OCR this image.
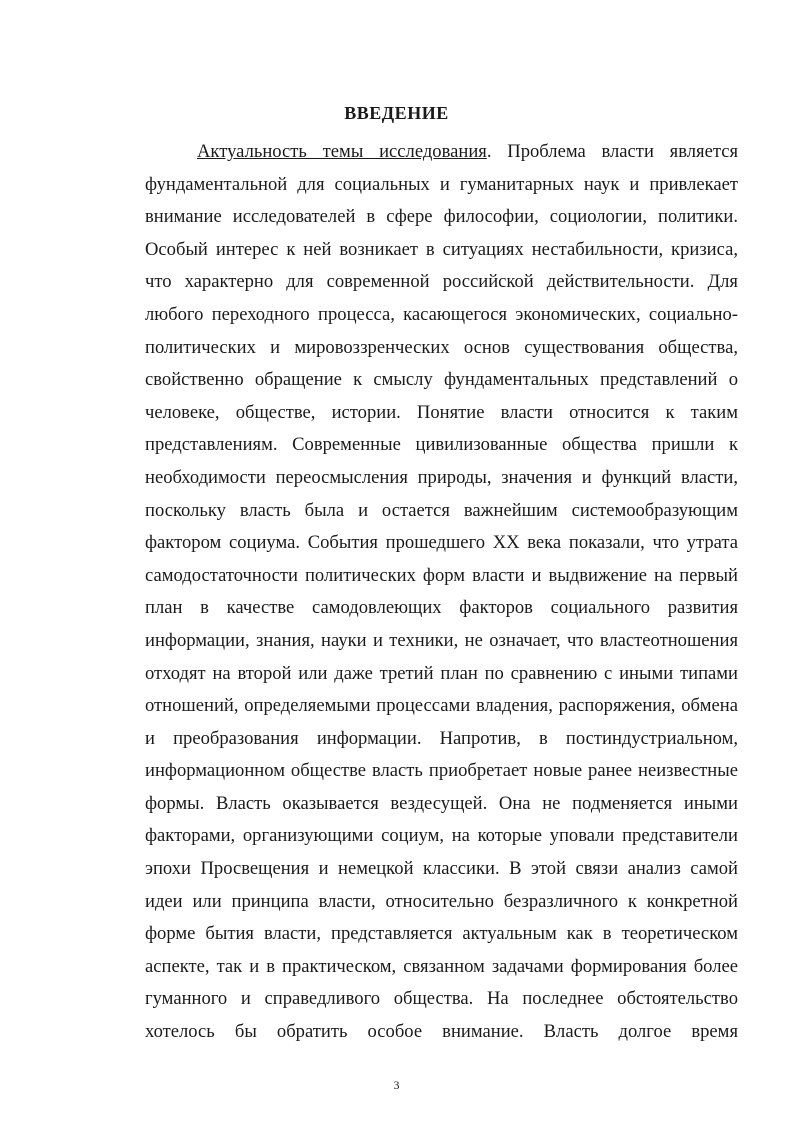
ВВЕДЕНИЕ
Актуальность темы исследования. Проблема власти является
фундаментальной для социальных и гуманитарных наук и привлекает
внимание исследователей в сфере философии, социологии, политики.
Особый интерес к ней возникает в ситуациях нестабильности, кризиса,
что характерно для современной российской действительности. Для
любого переходного процесса, касающегося экономических, социально-
политических и мировоззренческих основ существования общества,
свойственно обращение к смыслу фундаментальных представлений о
человеке, обществе, истории. Понятие власти относится к таким
представлениям. Современные цивилизованные общества пришли к
необходимости переосмысления природы, значения и функций власти,
поскольку власть была и остается важнейшим системообразующим
фактором социума. События прошедшего XX века показали, что утрата
самодостаточности политических форм власти и выдвижение на первый
план в качестве самодовлеющих факторов социального развития
информации, знания, науки и техники, не означает, что властеотношения
отходят на второй или даже третий план по сравнению с иными типами
отношений, определяемыми процессами владения, распоряжения, обмена
и преобразования информации. Напротив, в постиндустриальном,
информационном обществе власть приобретает новые ранее неизвестные
формы. Власть оказывается вездесущей. Она не подменяется иными
факторами, организующими социум, на которые уповали представители
эпохи Просвещения и немецкой классики. В этой связи анализ самой
идеи или принципа власти, относительно безразличного к конкретной
форме бытия власти, представляется актуальным как в теоретическом
аспекте, так и в практическом, связанном задачами формирования более
гуманного и справедливого общества. На последнее обстоятельство
хотелось бы обратить особое внимание. Власть долгое время
3
